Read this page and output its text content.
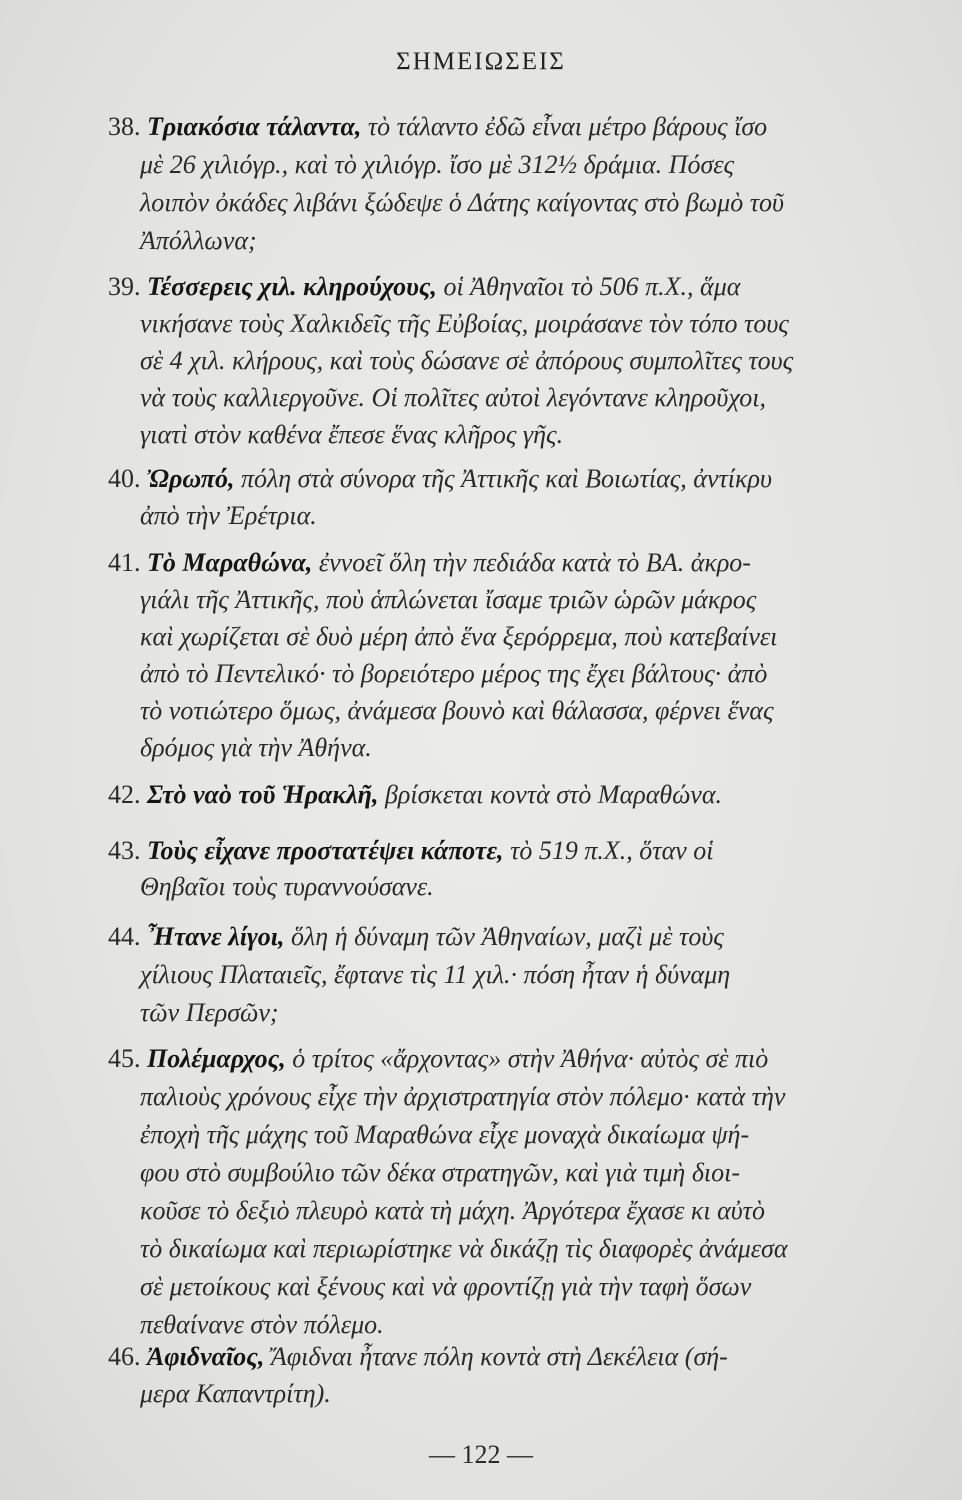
ΣΗΜΕΙΩΣΕΙΣ
38. Τριακόσια τάλαντα, τὸ τάλαντο ἐδῶ εἶναι μέτρο βάρους ἴσο
μὲ 26 χιλιόγρ., καὶ τὸ χιλιόγρ. ἴσο μὲ 312½ δράμια. Πόσες
λοιπὸν ὀκάδες λιβάνι ξώδεψε ὁ Δάτης καίγοντας στὸ βωμὸ τοῦ
Ἀπόλλωνα;
39. Τέσσερεις χιλ. κληρούχους, οἱ Ἀθηναῖοι τὸ 506 π.Χ., ἅμα
νικήσανε τοὺς Χαλκιδεῖς τῆς Εὐβοίας, μοιράσανε τὸν τόπο τους
σὲ 4 χιλ. κλήρους, καὶ τοὺς δώσανε σὲ ἀπόρους συμπολῖτες τους
νὰ τοὺς καλλιεργοῦνε. Οἱ πολῖτες αὐτοὶ λεγόντανε κληροῦχοι,
γιατὶ στὸν καθένα ἔπεσε ἕνας κλῆρος γῆς.
40. Ὠρωπό, πόλη στὰ σύνορα τῆς Ἀττικῆς καὶ Βοιωτίας, ἀντίκρυ
ἀπὸ τὴν Ἐρέτρια.
41. Τὸ Μαραθώνα, ἐννοεῖ ὅλη τὴν πεδιάδα κατὰ τὸ ΒΑ. ἀκρο-
γιάλι τῆς Ἀττικῆς, ποὺ ἁπλώνεται ἴσαμε τριῶν ὡρῶν μάκρος
καὶ χωρίζεται σὲ δυὸ μέρη ἀπὸ ἕνα ξερόρρεμα, ποὺ κατεβαίνει
ἀπὸ τὸ Πεντελικό· τὸ βορειότερο μέρος της ἔχει βάλτους· ἀπὸ
τὸ νοτιώτερο ὅμως, ἀνάμεσα βουνὸ καὶ θάλασσα, φέρνει ἕνας
δρόμος γιὰ τὴν Ἀθήνα.
42. Στὸ ναὸ τοῦ Ἡρακλῆ, βρίσκεται κοντὰ στὸ Μαραθώνα.
43. Τοὺς εἶχανε προστατέψει κάποτε, τὸ 519 π.Χ., ὅταν οἱ
Θηβαῖοι τοὺς τυραννούσανε.
44. Ἦτανε λίγοι, ὅλη ἡ δύναμη τῶν Ἀθηναίων, μαζὶ μὲ τοὺς
χίλιους Πλαταιεῖς, ἔφτανε τὶς 11 χιλ.· πόση ἦταν ἡ δύναμη
τῶν Περσῶν;
45. Πολέμαρχος, ὁ τρίτος «ἄρχοντας» στὴν Ἀθήνα· αὐτὸς σὲ πιὸ
παλιοὺς χρόνους εἶχε τὴν ἀρχιστρατηγία στὸν πόλεμο· κατὰ τὴν
ἐποχὴ τῆς μάχης τοῦ Μαραθώνα εἶχε μοναχὰ δικαίωμα ψή-
φου στὸ συμβούλιο τῶν δέκα στρατηγῶν, καὶ γιὰ τιμὴ διοι-
κοῦσε τὸ δεξιὸ πλευρὸ κατὰ τὴ μάχη. Ἀργότερα ἔχασε κι αὐτὸ
τὸ δικαίωμα καὶ περιωρίστηκε νὰ δικάζῃ τὶς διαφορὲς ἀνάμεσα
σὲ μετοίκους καὶ ξένους καὶ νὰ φροντίζῃ γιὰ τὴν ταφὴ ὅσων
πεθαίνανε στὸν πόλεμο.
46. Ἀφιδναῖος, Ἄφιδναι ἦτανε πόλη κοντὰ στὴ Δεκέλεια (σή-
μερα Καπαντρίτη).
— 122 —
